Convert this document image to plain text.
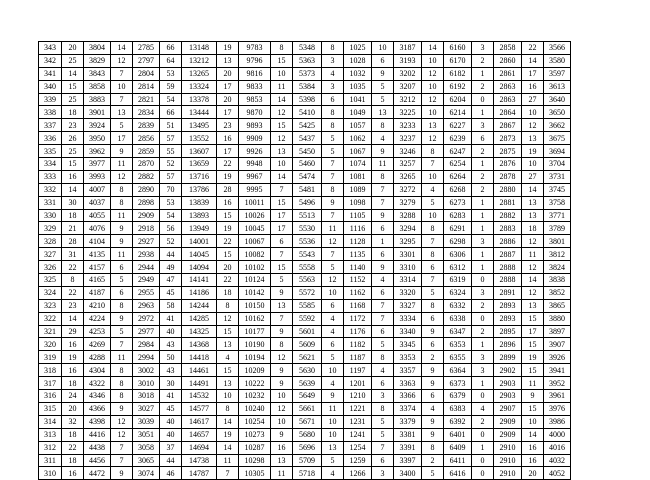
343	20	3804	14	2785	66	13148	19	9783	8	5348	8	1025	10	3187	14	6160	3	2858	22	3566
342	25	3829	12	2797	64	13212	13	9796	15	5363	3	1028	6	3193	10	6170	2	2860	14	3580
341	14	3843	7	2804	53	13265	20	9816	10	5373	4	1032	9	3202	12	6182	1	2861	17	3597
340	15	3858	10	2814	59	13324	17	9833	11	5384	3	1035	5	3207	10	6192	2	2863	16	3613
339	25	3883	7	2821	54	13378	20	9853	14	5398	6	1041	5	3212	12	6204	0	2863	27	3640
338	18	3901	13	2834	66	13444	17	9870	12	5410	8	1049	13	3225	10	6214	1	2864	10	3650
337	23	3924	5	2839	51	13495	23	9893	15	5425	8	1057	8	3233	13	6227	3	2867	12	3662
336	26	3950	17	2856	57	13552	16	9909	12	5437	5	1062	4	3237	12	6239	6	2873	13	3675
335	25	3962	9	2859	55	13607	17	9926	13	5450	5	1067	9	3246	8	6247	2	2875	19	3694
334	15	3977	11	2870	52	13659	22	9948	10	5460	7	1074	11	3257	7	6254	1	2876	10	3704
333	16	3993	12	2882	57	13716	19	9967	14	5474	7	1081	8	3265	10	6264	2	2878	27	3731
332	14	4007	8	2890	70	13786	28	9995	7	5481	8	1089	7	3272	4	6268	2	2880	14	3745
331	30	4037	8	2898	53	13839	16	10011	15	5496	9	1098	7	3279	5	6273	1	2881	13	3758
330	18	4055	11	2909	54	13893	15	10026	17	5513	7	1105	9	3288	10	6283	1	2882	13	3771
329	21	4076	9	2918	56	13949	19	10045	17	5530	11	1116	6	3294	8	6291	1	2883	18	3789
328	28	4104	9	2927	52	14001	22	10067	6	5536	12	1128	1	3295	7	6298	3	2886	12	3801
327	31	4135	11	2938	44	14045	15	10082	7	5543	7	1135	6	3301	8	6306	1	2887	11	3812
326	22	4157	6	2944	49	14094	20	10102	15	5558	5	1140	9	3310	6	6312	1	2888	12	3824
325	8	4165	5	2949	47	14141	22	10124	5	5563	12	1152	4	3314	7	6319	0	2888	14	3838
324	22	4187	6	2955	45	14186	18	10142	9	5572	10	1162	6	3320	5	6324	3	2891	12	3852
323	23	4210	8	2963	58	14244	8	10150	13	5585	6	1168	7	3327	8	6332	2	2893	13	3865
322	14	4224	9	2972	41	14285	12	10162	7	5592	4	1172	7	3334	6	6338	0	2893	15	3880
321	29	4253	5	2977	40	14325	15	10177	9	5601	4	1176	6	3340	9	6347	2	2895	17	3897
320	16	4269	7	2984	43	14368	13	10190	8	5609	6	1182	5	3345	6	6353	1	2896	15	3907
319	19	4288	11	2994	50	14418	4	10194	12	5621	5	1187	8	3353	2	6355	3	2899	19	3926
318	16	4304	8	3002	43	14461	15	10209	9	5630	10	1197	4	3357	9	6364	3	2902	15	3941
317	18	4322	8	3010	30	14491	13	10222	9	5639	4	1201	6	3363	9	6373	1	2903	11	3952
316	24	4346	8	3018	41	14532	10	10232	10	5649	9	1210	3	3366	6	6379	0	2903	9	3961
315	20	4366	9	3027	45	14577	8	10240	12	5661	11	1221	8	3374	4	6383	4	2907	15	3976
314	32	4398	12	3039	40	14617	14	10254	10	5671	10	1231	5	3379	9	6392	2	2909	10	3986
313	18	4416	12	3051	40	14657	19	10273	9	5680	10	1241	5	3381	9	6401	0	2909	14	4000
312	22	4438	7	3058	37	14694	14	10287	16	5696	13	1254	7	3391	8	6409	1	2910	16	4016
311	18	4456	7	3065	44	14738	11	10298	13	5709	5	1259	6	3397	2	6411	0	2910	16	4032
310	16	4472	9	3074	46	14787	7	10305	11	5718	4	1266	3	3400	5	6416	0	2910	20	4052
